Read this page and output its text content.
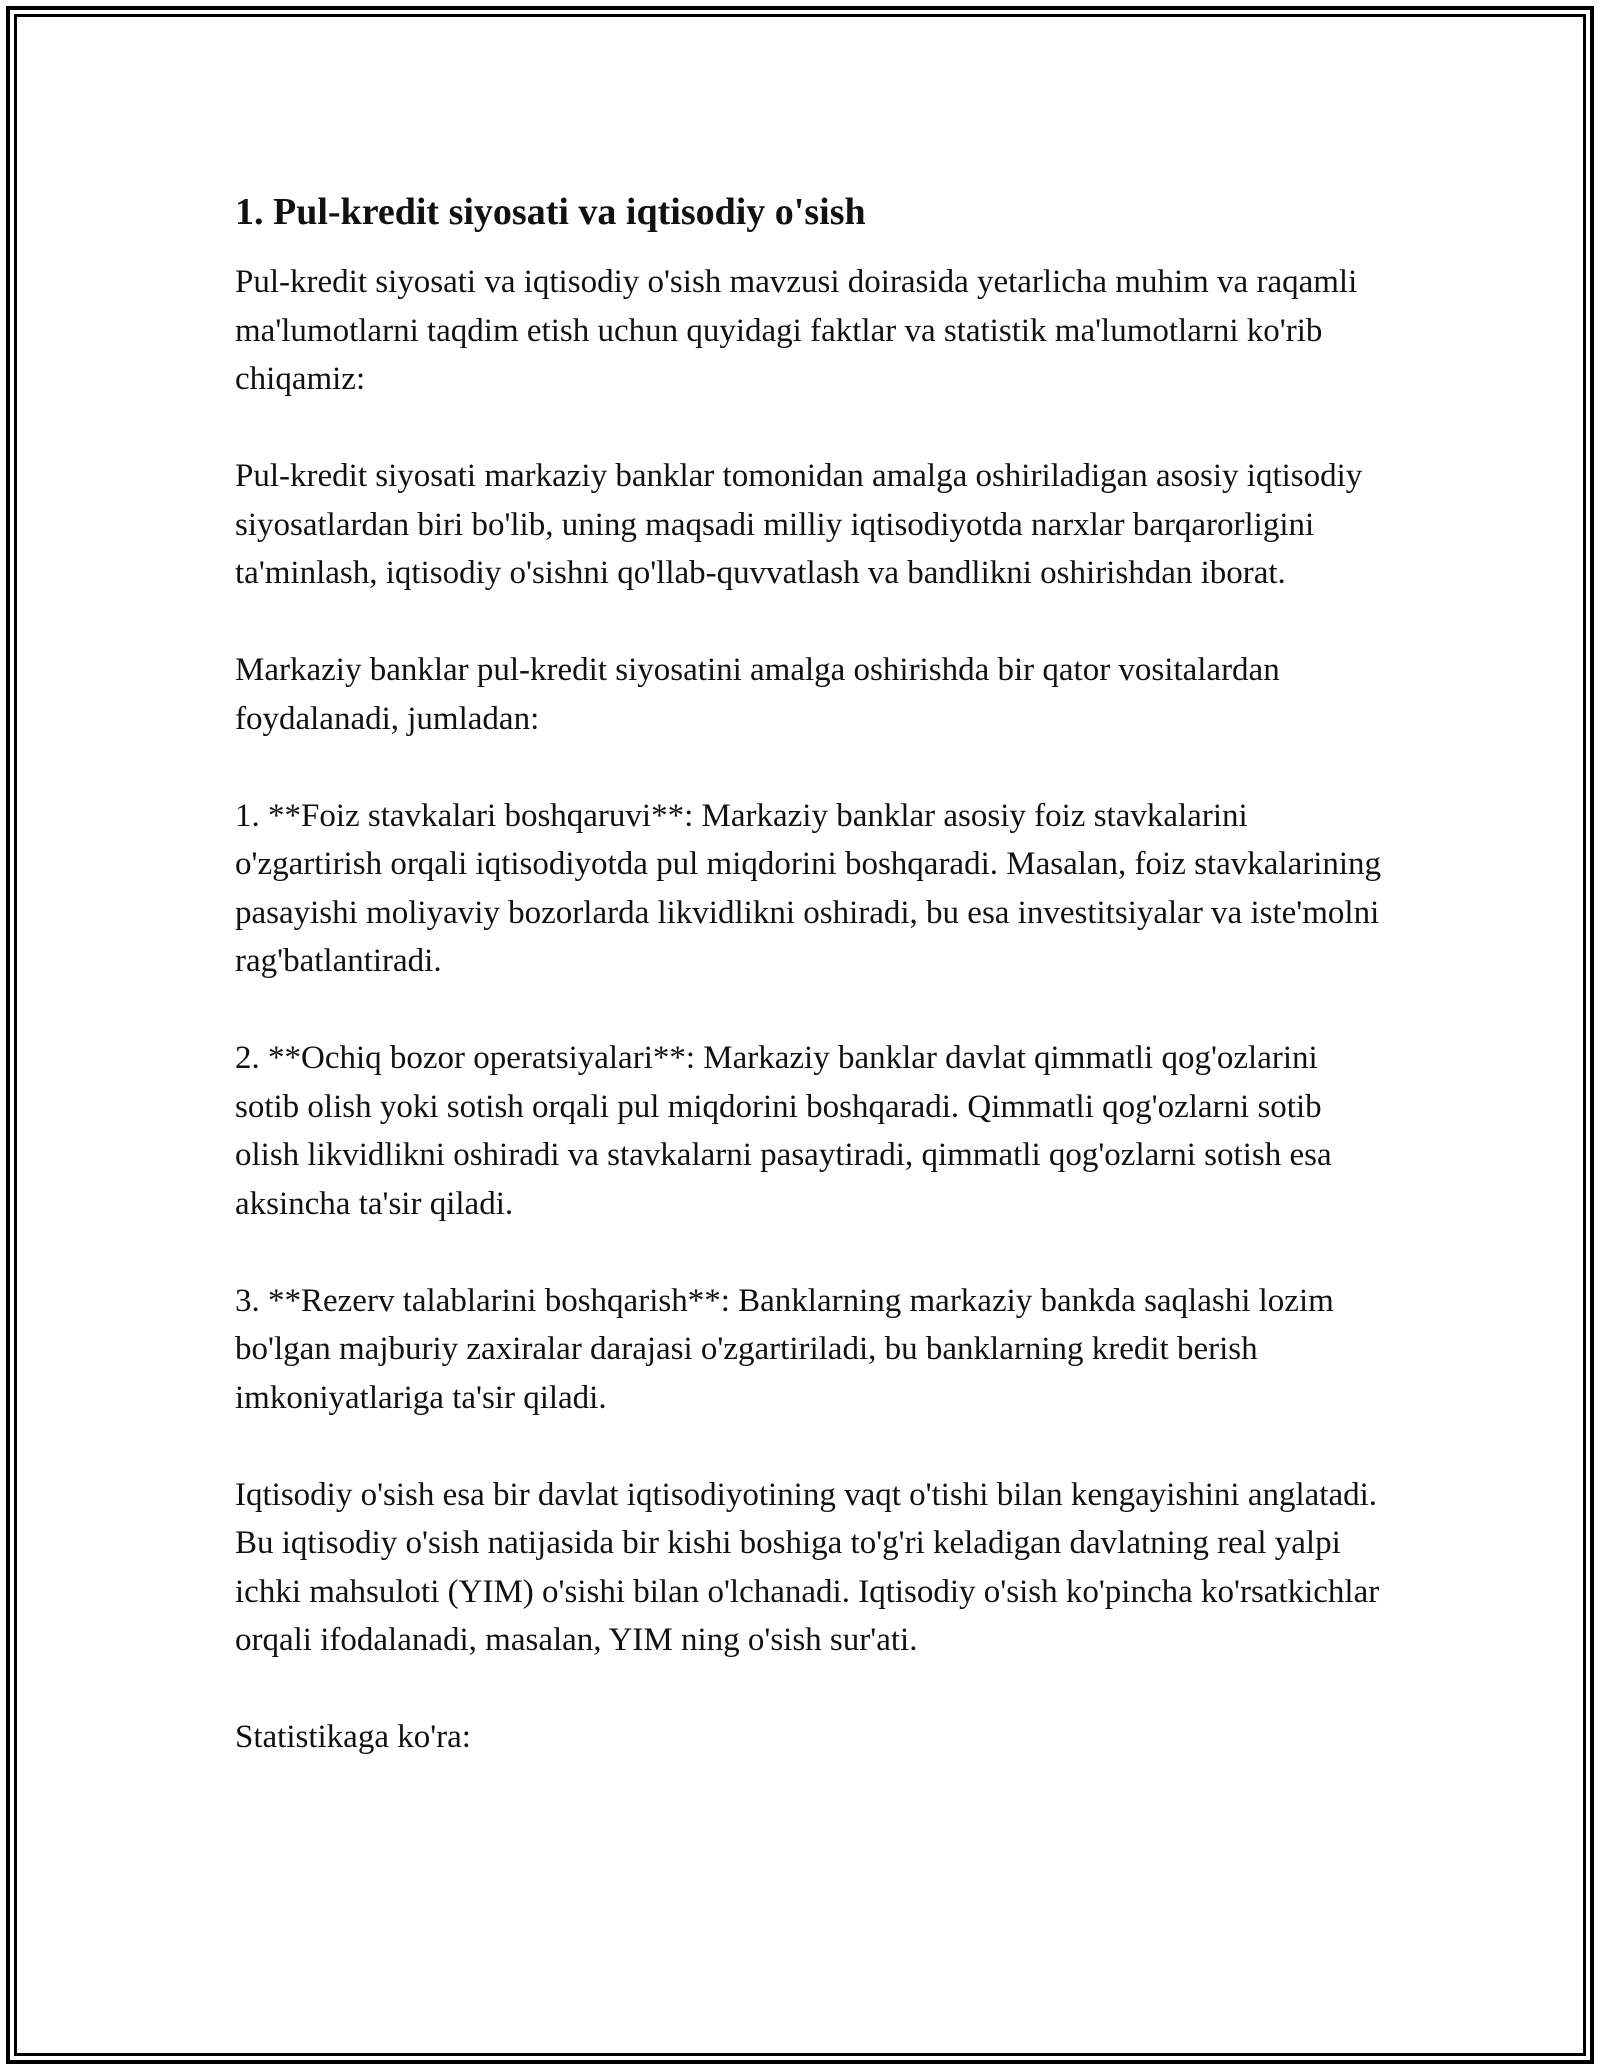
1. Pul-kredit siyosati va iqtisodiy o'sish

Pul-kredit siyosati va iqtisodiy o'sish mavzusi doirasida yetarlicha muhim va raqamli ma'lumotlarni taqdim etish uchun quyidagi faktlar va statistik ma'lumotlarni ko'rib chiqamiz:

Pul-kredit siyosati markaziy banklar tomonidan amalga oshiriladigan asosiy iqtisodiy siyosatlardan biri bo'lib, uning maqsadi milliy iqtisodiyotda narxlar barqarorligini ta'minlash, iqtisodiy o'sishni qo'llab-quvvatlash va bandlikni oshirishdan iborat.

Markaziy banklar pul-kredit siyosatini amalga oshirishda bir qator vositalardan foydalanadi, jumladan:

1. **Foiz stavkalari boshqaruvi**: Markaziy banklar asosiy foiz stavkalarini o'zgartirish orqali iqtisodiyotda pul miqdorini boshqaradi. Masalan, foiz stavkalarining pasayishi moliyaviy bozorlarda likvidlikni oshiradi, bu esa investitsiyalar va iste'molni rag'batlantiradi.

2. **Ochiq bozor operatsiyalari**: Markaziy banklar davlat qimmatli qog'ozlarini sotib olish yoki sotish orqali pul miqdorini boshqaradi. Qimmatli qog'ozlarni sotib olish likvidlikni oshiradi va stavkalarni pasaytiradi, qimmatli qog'ozlarni sotish esa aksincha ta'sir qiladi.

3. **Rezerv talablarini boshqarish**: Banklarning markaziy bankda saqlashi lozim bo'lgan majburiy zaxiralar darajasi o'zgartiriladi, bu banklarning kredit berish imkoniyatlariga ta'sir qiladi.

Iqtisodiy o'sish esa bir davlat iqtisodiyotining vaqt o'tishi bilan kengayishini anglatadi. Bu iqtisodiy o'sish natijasida bir kishi boshiga to'g'ri keladigan davlatning real yalpi ichki mahsuloti (YIM) o'sishi bilan o'lchanadi. Iqtisodiy o'sish ko'pincha ko'rsatkichlar orqali ifodalanadi, masalan, YIM ning o'sish sur'ati.

Statistikaga ko'ra:
